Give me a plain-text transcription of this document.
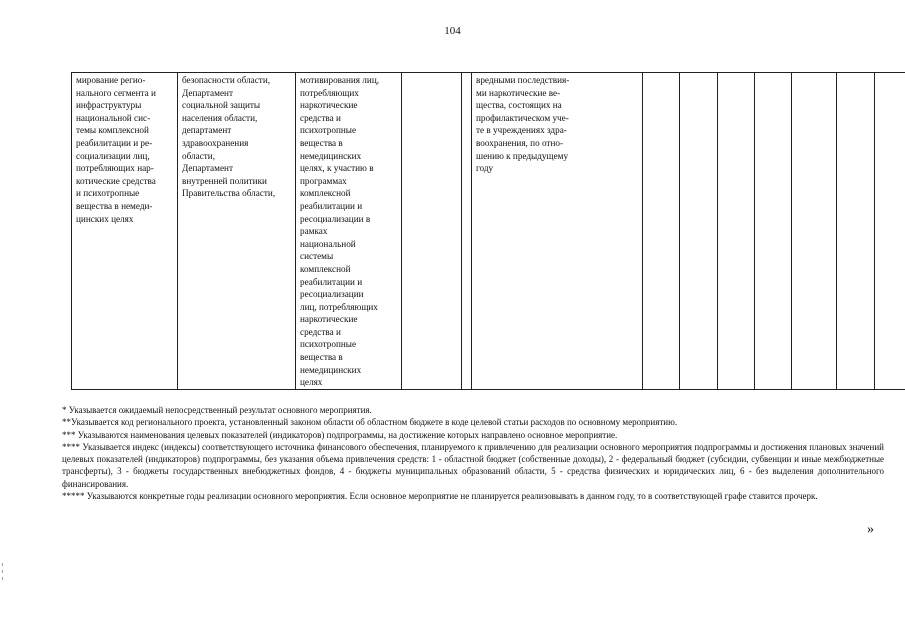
104
мирование регио-
нального сегмента и
инфраструктуры
национальной сис-
темы комплексной
реабилитации и ре-
социализации лиц,
потребляющих нар-
котические средства
и психотропные
вещества в немеди-
цинских целях	безопасности области,
Департамент
социальной защиты
населения области,
департамент
здравоохранения
области,
Департамент
внутренней политики
Правительства области,	мотивирования лиц,
потребляющих
наркотические
средства и
психотропные
вещества в
немедицинских
целях, к участию в
программах
комплексной
реабилитации и
ресоциализации в
рамках
национальной
системы
комплексной
реабилитации и
ресоциализации
лиц, потребляющих
наркотические
средства и
психотропные
вещества в
немедицинских
целях			вредными последствия-
ми наркотические ве-
щества, состоящих на
профилактическом уче-
те в учреждениях здра-
воохранения, по отно-
шению к предыдущему
году							

* Указывается ожидаемый непосредственный результат основного мероприятия.

**Указывается код регионального проекта, установленный законом области об областном бюджете в коде целевой статьи расходов по основному мероприятию.

*** Указываются наименования целевых показателей (индикаторов) подпрограммы, на достижение которых направлено основное мероприятие.

**** Указывается индекс (индексы) соответствующего источника финансового обеспечения, планируемого к привлечению для реализации основного мероприятия подпрограммы и достижения плановых значений целевых показателей (индикаторов) подпрограммы, без указания объема привлечения средств: 1 - областной бюджет (собственные доходы), 2 - федеральный бюджет (субсидии, субвенции и иные межбюджетные трансферты), 3 - бюджеты государственных внебюджетных фондов, 4 - бюджеты муниципальных образований области, 5 - средства физических и юридических лиц, 6 - без выделения дополнительного финансирования.

***** Указываются конкретные годы реализации основного мероприятия. Если основное мероприятие не планируется реализовывать в данном году, то в соответствующей графе ставится прочерк.

»
